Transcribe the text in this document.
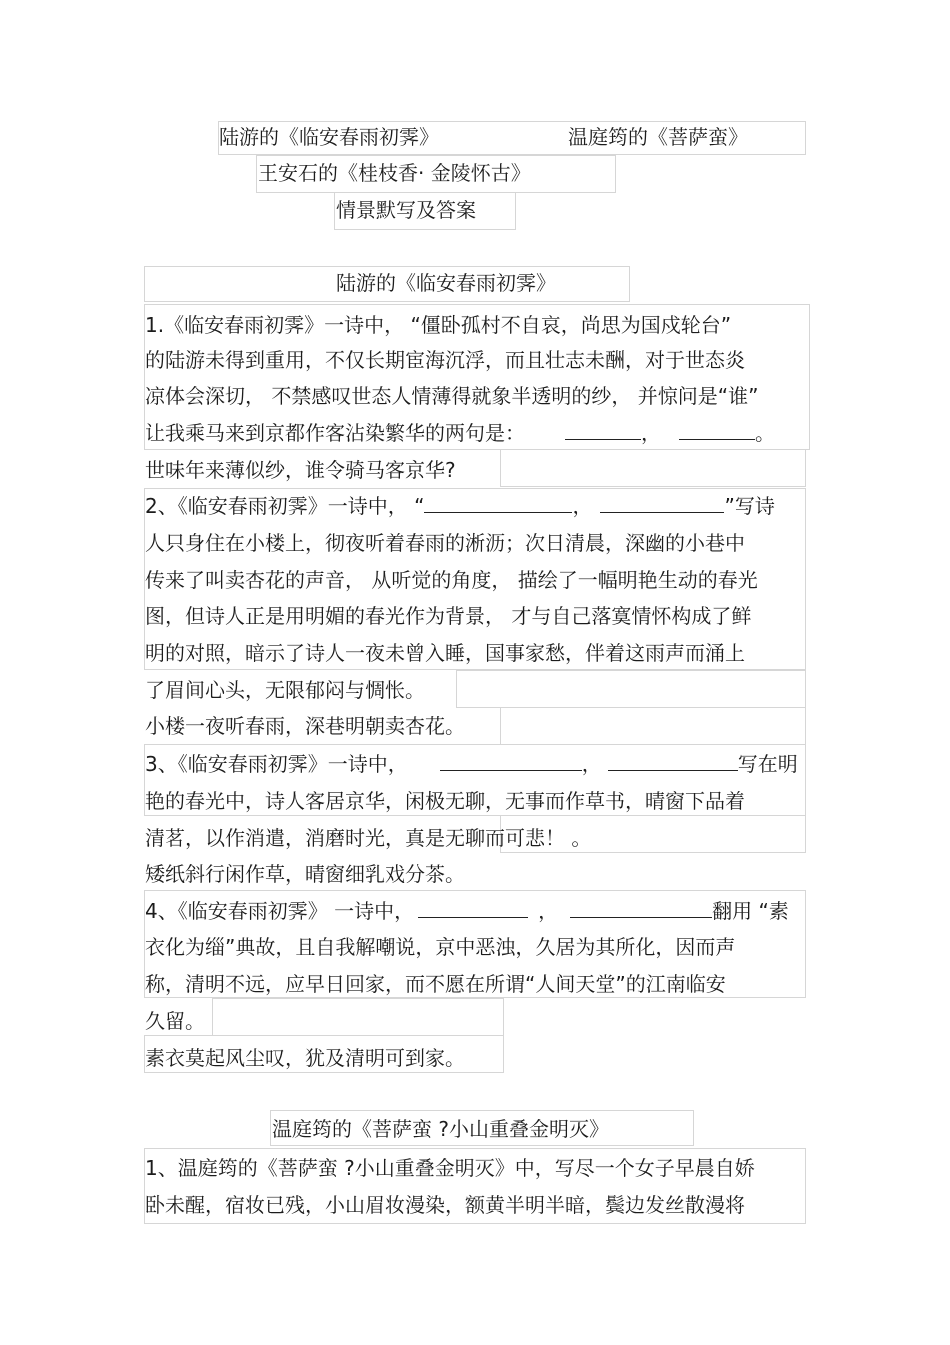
陆游的《临安春雨初霁》	温庭筠的《菩萨蛮》
王安石的《桂枝香· 金陵怀古》
情景默写及答案
陆游的《临安春雨初霁》
1.《临安春雨初霁》一诗中， “僵卧孤村不自哀，尚思为国戍轮台”
的陆游未得到重用，不仅长期宦海沉浮，而且壮志未酬，对于世态炎
凉体会深切， 不禁感叹世态人情薄得就象半透明的纱， 并惊问是“谁”
让我乘马来到京都作客沾染繁华的两句是：	，	。
世味年来薄似纱，谁令骑马客京华?
2、《临安春雨初霁》一诗中， “	，	”写诗
人只身住在小楼上，彻夜听着春雨的淅沥；次日清晨，深幽的小巷中
传来了叫卖杏花的声音， 从听觉的角度， 描绘了一幅明艳生动的春光
图，但诗人正是用明媚的春光作为背景， 才与自己落寞情怀构成了鲜
明的对照，暗示了诗人一夜未曾入睡，国事家愁，伴着这雨声而涌上
了眉间心头，无限郁闷与惆怅。
小楼一夜听春雨，深巷明朝卖杏花。
3、《临安春雨初霁》一诗中，	，	写在明
艳的春光中，诗人客居京华，闲极无聊，无事而作草书，晴窗下品着
清茗，以作消遣，消磨时光，真是无聊而可悲！ 。
矮纸斜行闲作草，晴窗细乳戏分茶。
4、《临安春雨初霁》 一诗中，	，	翻用 “素
衣化为缁”典故，且自我解嘲说，京中恶浊，久居为其所化，因而声
称，清明不远，应早日回家，而不愿在所谓“人间天堂”的江南临安
久留。
素衣莫起风尘叹，犹及清明可到家。
温庭筠的《菩萨蛮 ?小山重叠金明灭》
1、温庭筠的《菩萨蛮 ?小山重叠金明灭》中，写尽一个女子早晨自娇
卧未醒，宿妆已残，小山眉妆漫染，额黄半明半暗，鬓边发丝散漫将
